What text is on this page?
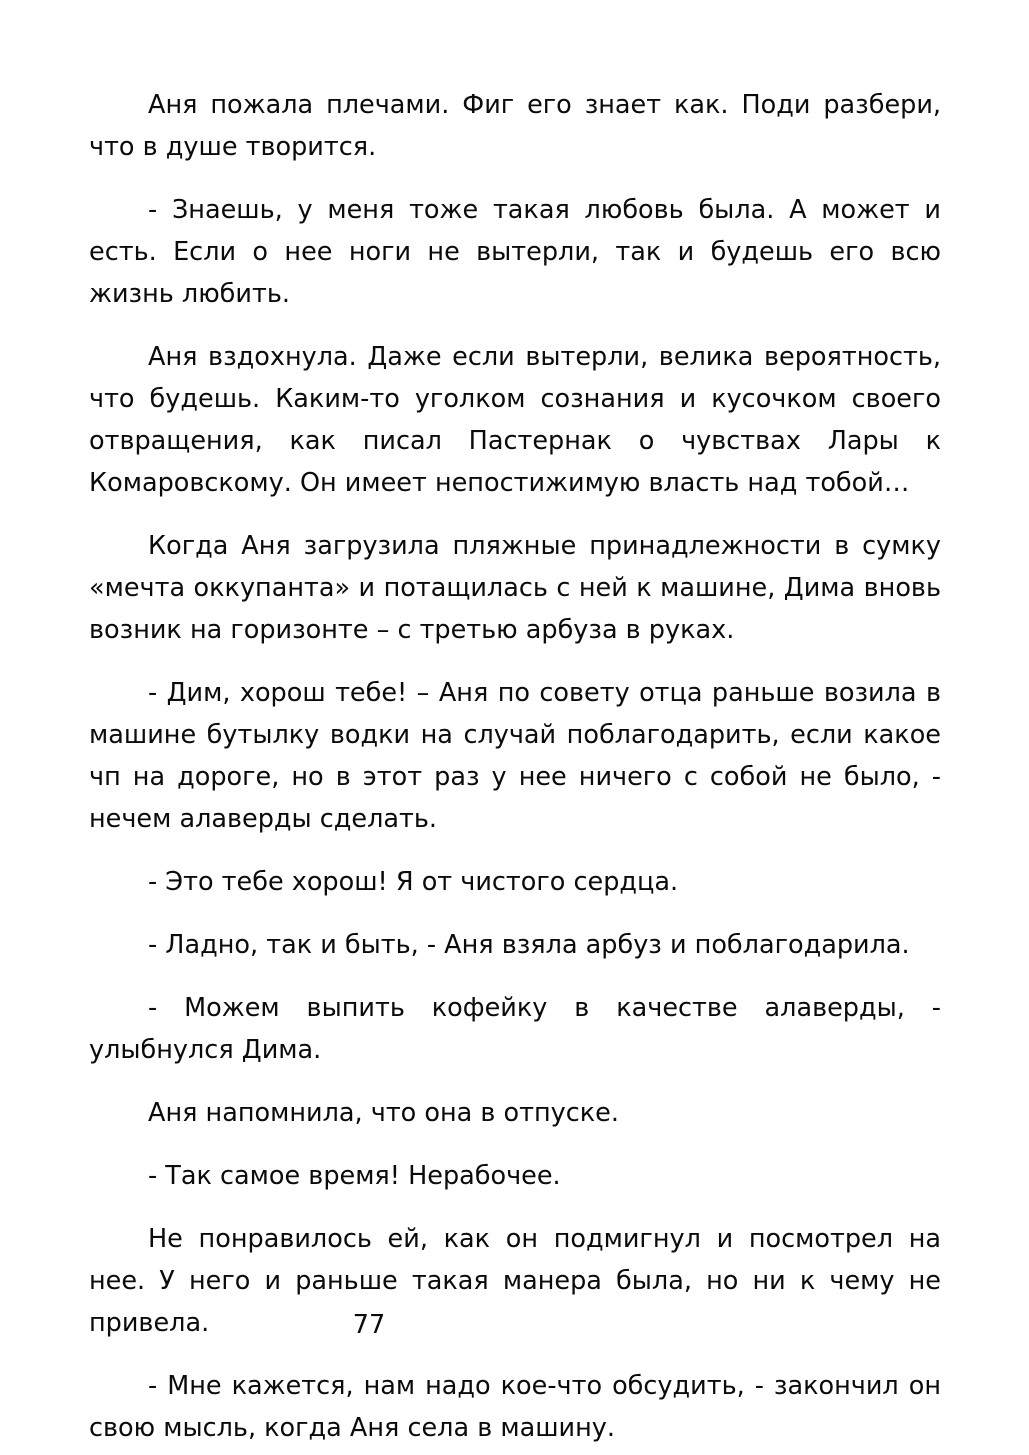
Аня пожала плечами. Фиг его знает как. Поди разбери, что в душе творится.

- Знаешь, у меня тоже такая любовь была. А может и есть. Если о нее ноги не вытерли, так и будешь его всю жизнь любить.

Аня вздохнула. Даже если вытерли, велика вероятность, что будешь. Каким-то уголком сознания и кусочком своего отвращения, как писал Пастернак о чувствах Лары к Комаровскому. Он имеет непостижимую власть над тобой…

Когда Аня загрузила пляжные принадлежности в сумку «мечта оккупанта» и потащилась с ней к машине, Дима вновь возник на горизонте – с третью арбуза в руках.

- Дим, хорош тебе! – Аня по совету отца раньше возила в машине бутылку водки на случай поблагодарить, если какое чп на дороге, но в этот раз у нее ничего с собой не было, - нечем алаверды сделать.

- Это тебе хорош! Я от чистого сердца.

- Ладно, так и быть, - Аня взяла арбуз и поблагодарила.

- Можем выпить кофейку в качестве алаверды, - улыбнулся Дима.

Аня напомнила, что она в отпуске.

- Так самое время! Нерабочее.

Не понравилось ей, как он подмигнул и посмотрел на нее. У него и раньше такая манера была, но ни к чему не привела.

- Мне кажется, нам надо кое-что обсудить, - закончил он свою мысль, когда Аня села в машину.

77
